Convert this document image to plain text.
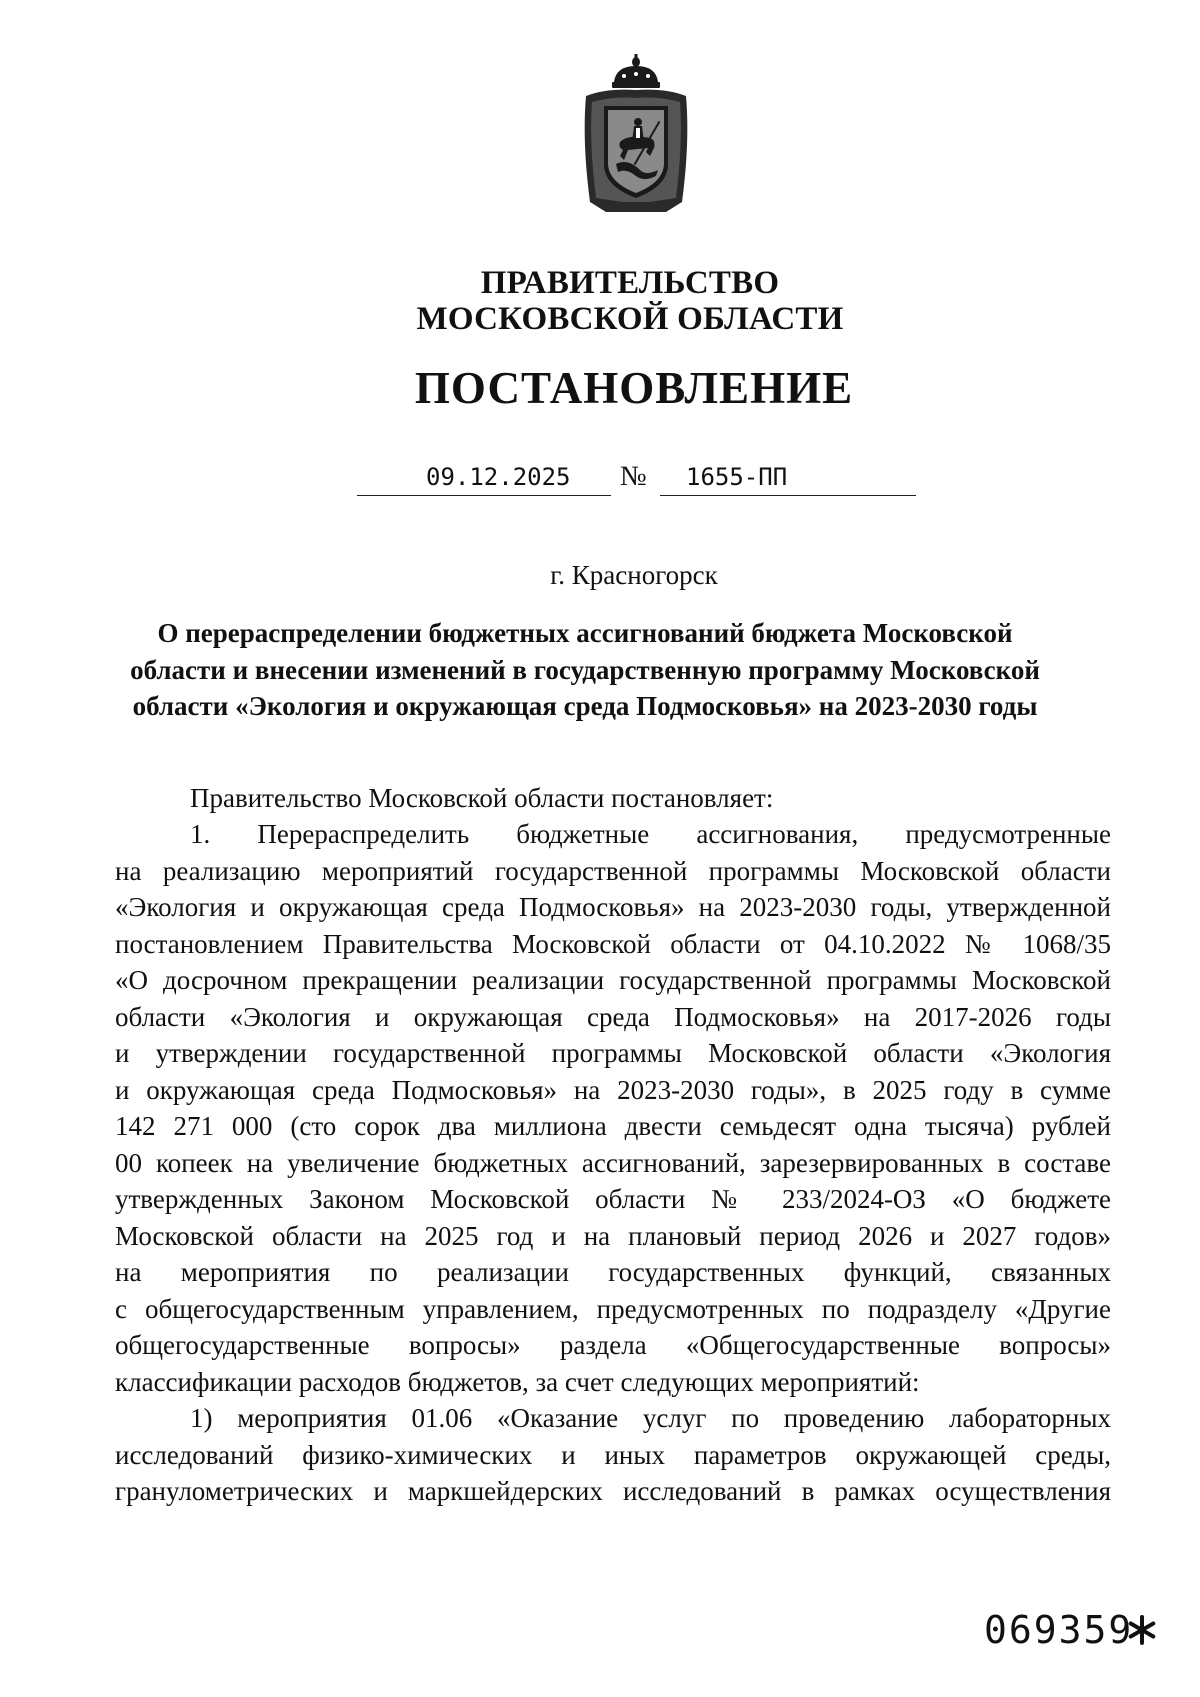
ПРАВИТЕЛЬСТВО
МОСКОВСКОЙ ОБЛАСТИ
ПОСТАНОВЛЕНИЕ
09.12.2025 № 1655-ПП
г. Красногорск
О перераспределении бюджетных ассигнований бюджета Московской
области и внесении изменений в государственную программу Московской
области «Экология и окружающая среда Подмосковья» на 2023-2030 годы
Правительство Московской области постановляет:
1. Перераспределить бюджетные ассигнования, предусмотренные
на реализацию мероприятий государственной программы Московской области
«Экология и окружающая среда Подмосковья» на 2023-2030 годы, утвержденной
постановлением Правительства Московской области от 04.10.2022 № 1068/35
«О досрочном прекращении реализации государственной программы Московской
области «Экология и окружающая среда Подмосковья» на 2017-2026 годы
и утверждении государственной программы Московской области «Экология
и окружающая среда Подмосковья» на 2023-2030 годы», в 2025 году в сумме
142 271 000 (сто сорок два миллиона двести семьдесят одна тысяча) рублей
00 копеек на увеличение бюджетных ассигнований, зарезервированных в составе
утвержденных Законом Московской области № 233/2024-ОЗ «О бюджете
Московской области на 2025 год и на плановый период 2026 и 2027 годов»
на мероприятия по реализации государственных функций, связанных
с общегосударственным управлением, предусмотренных по подразделу «Другие
общегосударственные вопросы» раздела «Общегосударственные вопросы»
классификации расходов бюджетов, за счет следующих мероприятий:
1) мероприятия 01.06 «Оказание услуг по проведению лабораторных
исследований физико-химических и иных параметров окружающей среды,
гранулометрических и маркшейдерских исследований в рамках осуществления
069359
